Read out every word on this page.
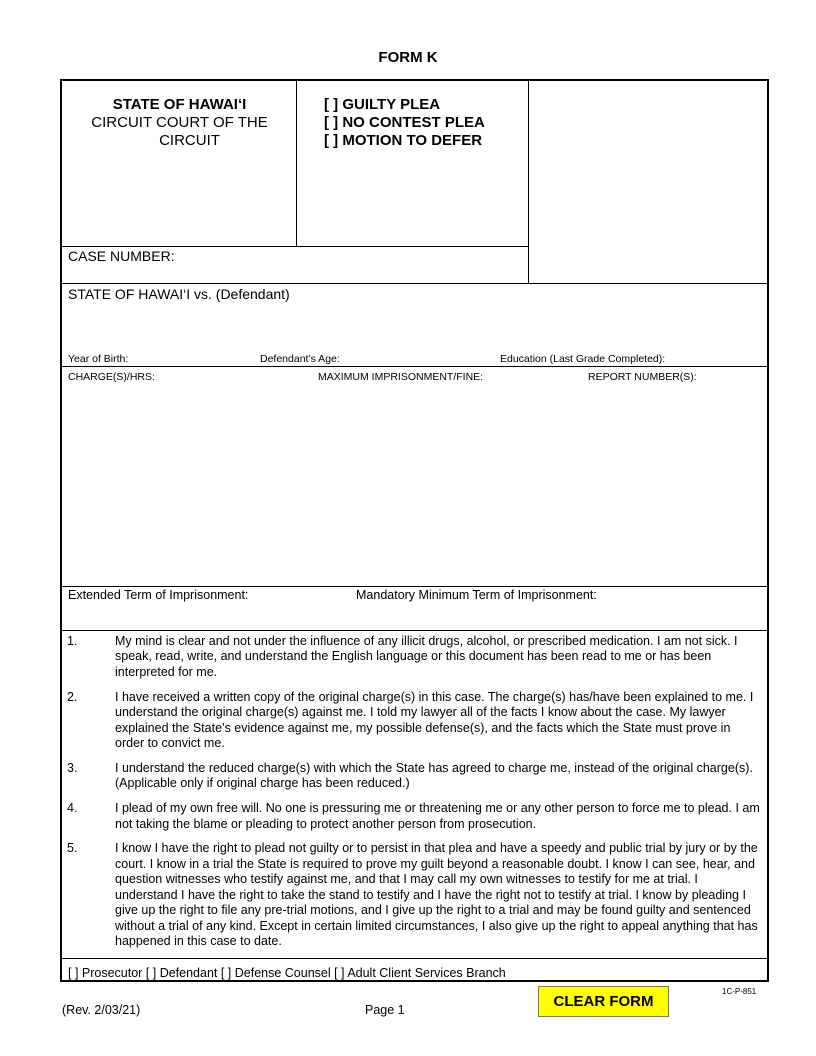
FORM K
STATE OF HAWAI‘I
CIRCUIT COURT OF THE
CIRCUIT
[ ] GUILTY PLEA
[ ] NO CONTEST PLEA
[ ] MOTION TO DEFER
CASE NUMBER:
STATE OF HAWAI‘I vs. (Defendant)
Year of Birth:	Defendant’s Age:	Education (Last Grade Completed):
CHARGE(S)/HRS:	MAXIMUM IMPRISONMENT/FINE:	REPORT NUMBER(S):
Extended Term of Imprisonment:	Mandatory Minimum Term of Imprisonment:
1.	My mind is clear and not under the influence of any illicit drugs, alcohol, or prescribed medication. I am not sick. I speak, read, write, and understand the English language or this document has been read to me or has been interpreted for me.
2.	I have received a written copy of the original charge(s) in this case. The charge(s) has/have been explained to me. I understand the original charge(s) against me. I told my lawyer all of the facts I know about the case. My lawyer explained the State’s evidence against me, my possible defense(s), and the facts which the State must prove in order to convict me.
3.	I understand the reduced charge(s) with which the State has agreed to charge me, instead of the original charge(s). (Applicable only if original charge has been reduced.)
4.	I plead of my own free will. No one is pressuring me or threatening me or any other person to force me to plead. I am not taking the blame or pleading to protect another person from prosecution.
5.	I know I have the right to plead not guilty or to persist in that plea and have a speedy and public trial by jury or by the court. I know in a trial the State is required to prove my guilt beyond a reasonable doubt. I know I can see, hear, and question witnesses who testify against me, and that I may call my own witnesses to testify for me at trial. I understand I have the right to take the stand to testify and I have the right not to testify at trial. I know by pleading I give up the right to file any pre-trial motions, and I give up the right to a trial and may be found guilty and sentenced without a trial of any kind. Except in certain limited circumstances, I also give up the right to appeal anything that has happened in this case to date.
[ ] Prosecutor [ ] Defendant [ ] Defense Counsel [ ] Adult Client Services Branch
CLEAR FORM
1C-P-851
(Rev. 2/03/21)	Page 1
